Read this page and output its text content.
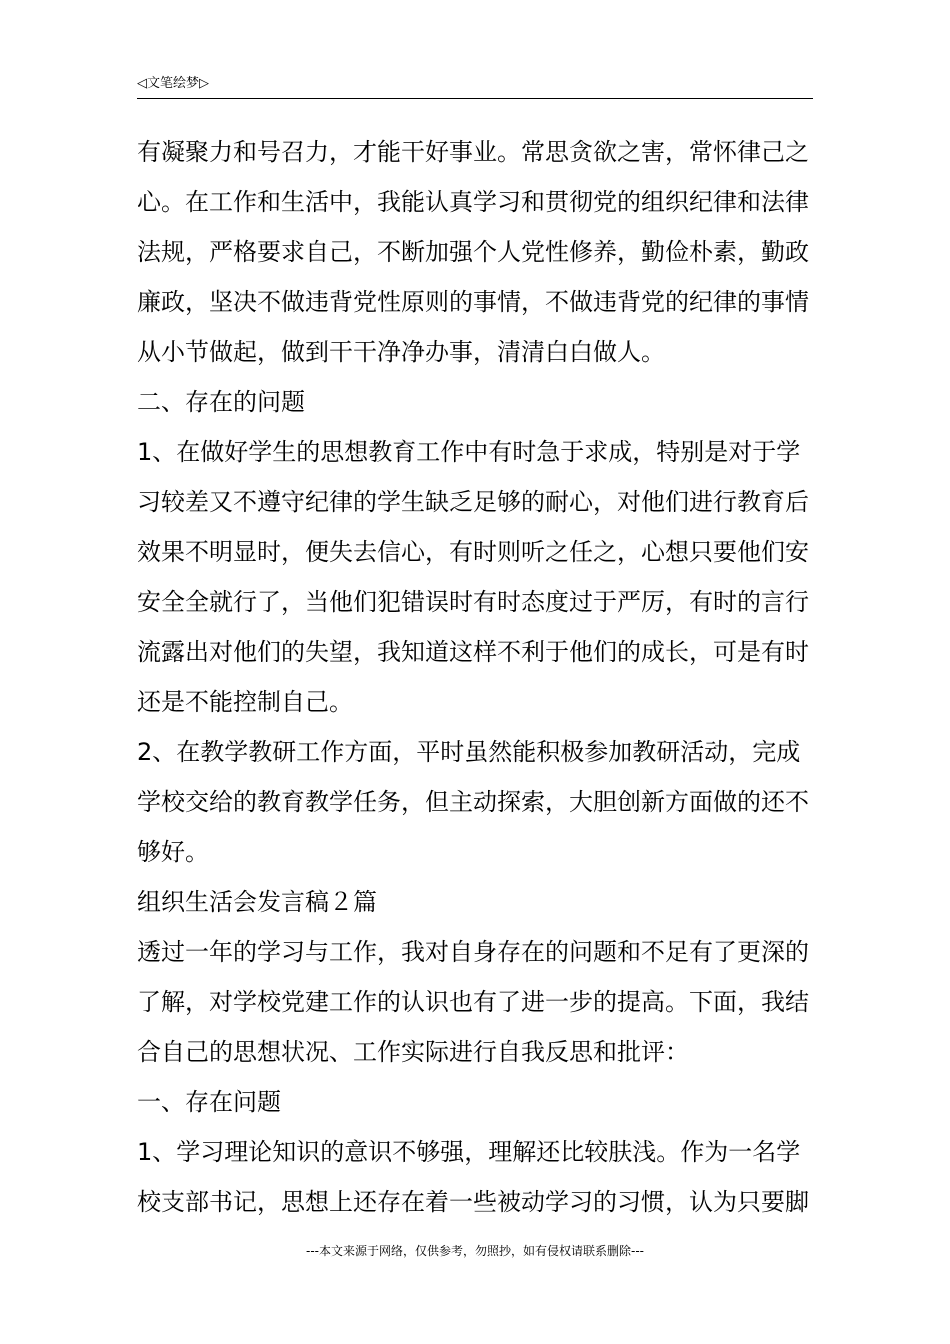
◁文笔绘梦▷
有凝聚力和号召力，才能干好事业。常思贪欲之害，常怀律己之
心。在工作和生活中，我能认真学习和贯彻党的组织纪律和法律
法规，严格要求自己，不断加强个人党性修养，勤俭朴素，勤政
廉政，坚决不做违背党性原则的事情，不做违背党的纪律的事情
从小节做起，做到干干净净办事，清清白白做人。
二、存在的问题
1、在做好学生的思想教育工作中有时急于求成，特别是对于学
习较差又不遵守纪律的学生缺乏足够的耐心，对他们进行教育后
效果不明显时，便失去信心，有时则听之任之，心想只要他们安
安全全就行了，当他们犯错误时有时态度过于严厉，有时的言行
流露出对他们的失望，我知道这样不利于他们的成长，可是有时
还是不能控制自己。
2、在教学教研工作方面，平时虽然能积极参加教研活动，完成
学校交给的教育教学任务，但主动探索，大胆创新方面做的还不
够好。
组织生活会发言稿２篇
透过一年的学习与工作，我对自身存在的问题和不足有了更深的
了解，对学校党建工作的认识也有了进一步的提高。下面，我结
合自己的思想状况、工作实际进行自我反思和批评：
一、存在问题
1、学习理论知识的意识不够强，理解还比较肤浅。作为一名学
校支部书记，思想上还存在着一些被动学习的习惯，认为只要脚
---本文来源于网络，仅供参考，勿照抄，如有侵权请联系删除---
